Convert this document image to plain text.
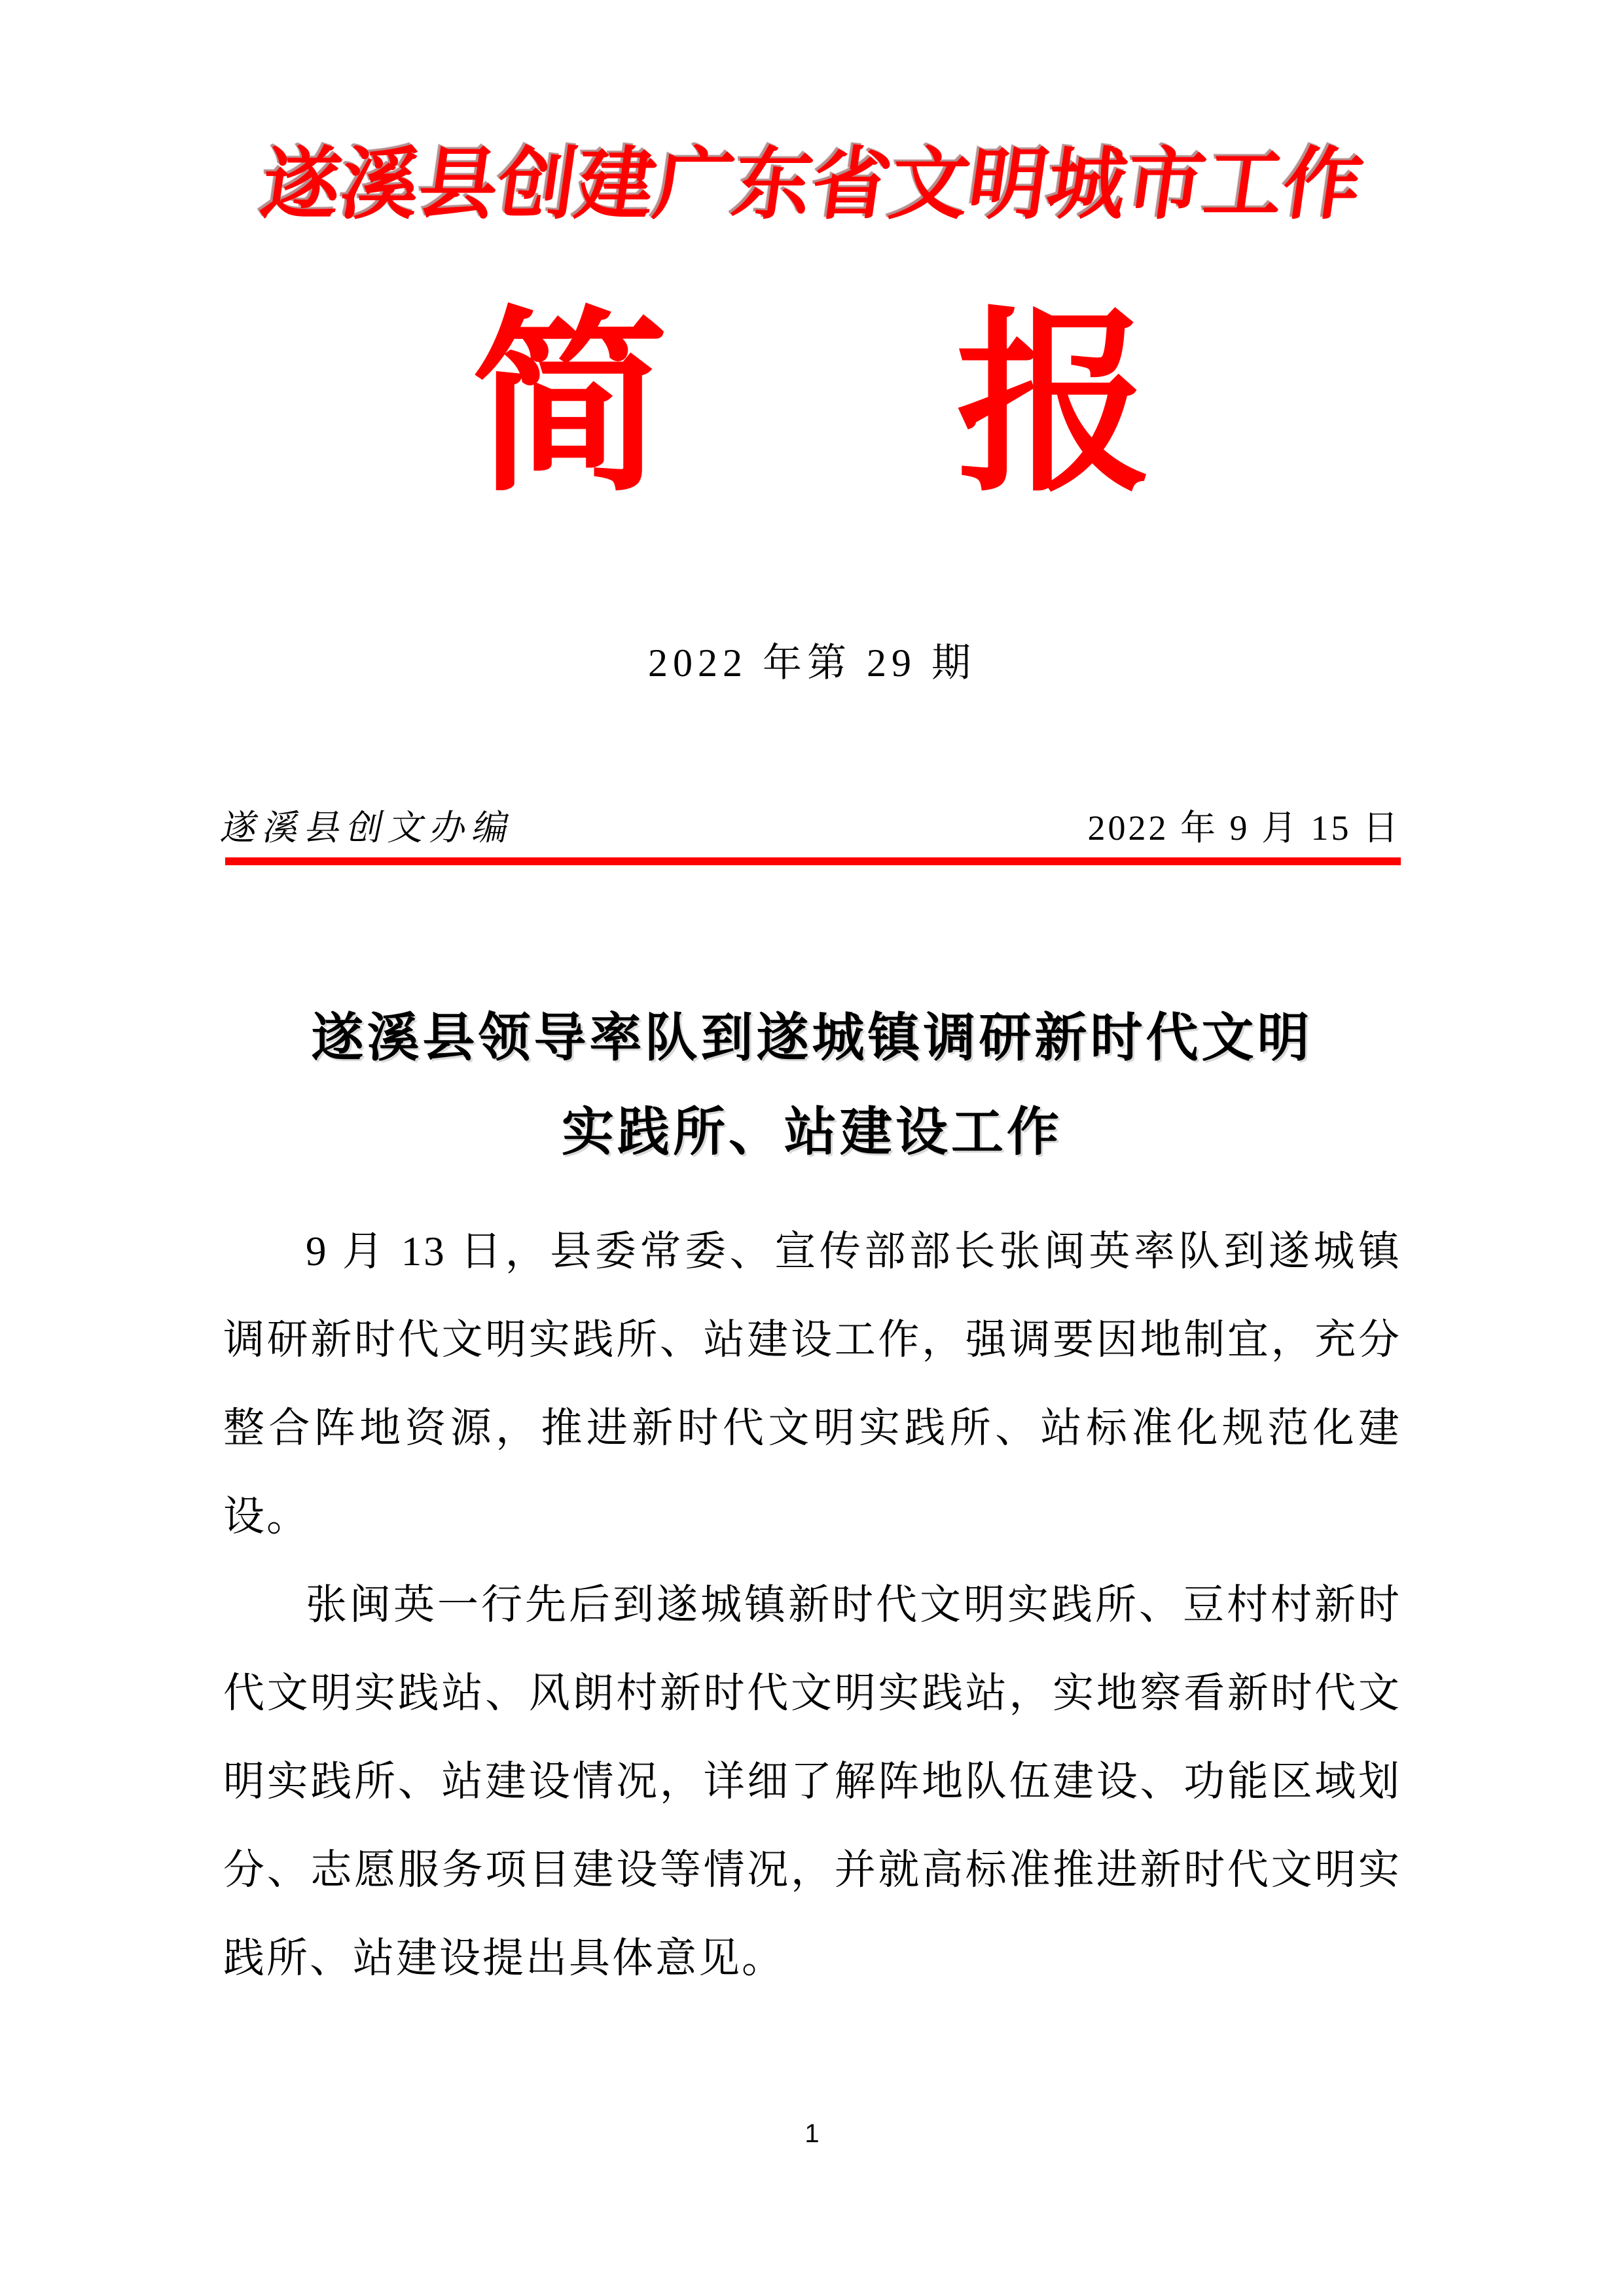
遂溪县创建广东省文明城市工作
简 报
2022 年第 29 期
遂溪县创文办编	2022 年 9 月 15 日
遂溪县领导率队到遂城镇调研新时代文明
实践所、站建设工作

9 月 13 日，县委常委、宣传部部长张闽英率队到遂城镇调研新时代文明实践所、站建设工作，强调要因地制宜，充分整合阵地资源，推进新时代文明实践所、站标准化规范化建设。

张闽英一行先后到遂城镇新时代文明实践所、豆村村新时代文明实践站、风朗村新时代文明实践站，实地察看新时代文明实践所、站建设情况，详细了解阵地队伍建设、功能区域划分、志愿服务项目建设等情况，并就高标准推进新时代文明实践所、站建设提出具体意见。

1
